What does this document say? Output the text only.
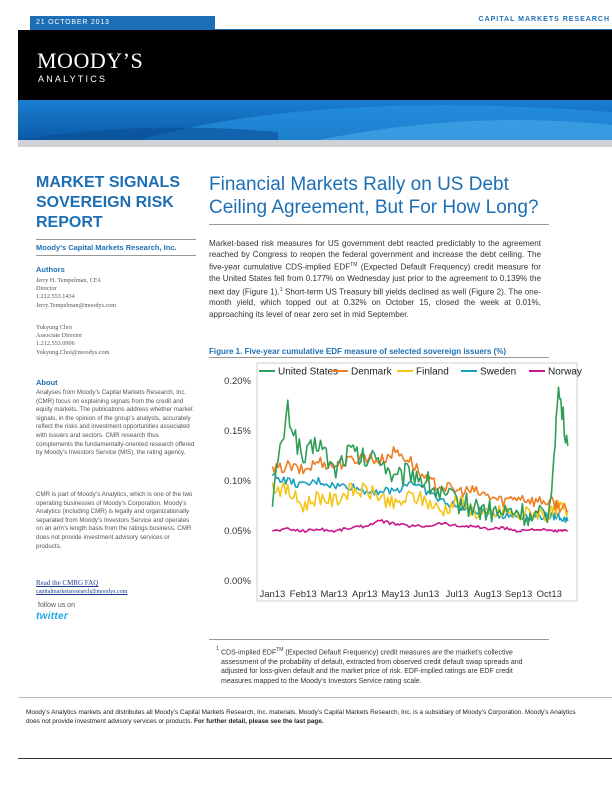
21 OCTOBER 2013	CAPITAL MARKETS RESEARCH
MOODY’S
ANALYTICS
MARKET SIGNALS SOVEREIGN RISK REPORT
Moody’s Capital Markets Research, Inc.
Authors
Jerry H. Tempelman, CFA
Director
1.212.553.1434
Jerry.Tempelman@moodys.com
Yukyung Choi
Associate Director
1.212.553.0906
Yukyung.Choi@moodys.com
About
Analyses from Moody’s Capital Markets Research, Inc. (CMR) focus on explaining signals from the credit and equity markets. The publications address whether market signals, in the opinion of the group’s analysts, accurately reflect the risks and investment opportunities associated with issuers and sectors. CMR research thus complements the fundamentally-oriented research offered by Moody’s Investors Service (MIS), the rating agency.
CMR is part of Moody’s Analytics, which is one of the two operating businesses of Moody’s Corporation. Moody’s Analytics (including CMR) is legally and organizationally separated from Moody’s Investors Service and operates on an arm’s length basis from the ratings business. CMR does not provide investment advisory services or products.
Read the CMRG FAQ
capitalmarketsresearch@moodys.com
follow us on
twitter
Financial Markets Rally on US Debt Ceiling Agreement, But For How Long?
Market-based risk measures for US government debt reacted predictably to the agreement reached by Congress to reopen the federal government and increase the debt ceiling. The five-year cumulative CDS-implied EDF™ (Expected Default Frequency) credit measure for the United States fell from 0.177% on Wednesday just prior to the agreement to 0.139% the next day (Figure 1).$^1$ Short-term US Treasury bill yields declined as well (Figure 2). The one-month yield, which topped out at 0.32% on October 15, closed the week at 0.01%, approaching its level of near zero set in mid September.
Figure 1. Five-year cumulative EDF measure of selected sovereign issuers (%)
United States Denmark Finland	Sweden	Norway
0.00%
0.05%
0.10%
0.15%
0.20%
Jan13 Feb13 Mar13 Apr13 May13 Jun13 Jul13 Aug13 Sep13 Oct13
1
CDS-implied EDF™ (Expected Default Frequency) credit measures are the market’s collective assessment of the probability of default, extracted from observed credit default swap spreads and adjusted for loss-given default and the market price of risk. EDF-implied ratings are EDF credit measures mapped to the Moody’s Investors Service rating scale.
Moody’s Analytics markets and distributes all Moody’s Capital Markets Research, Inc. materials. Moody’s Capital Markets Research, Inc. is a subsidiary of Moody’s Corporation. Moody’s Analytics does not provide investment advisory services or products. For further detail, please see the last page.
